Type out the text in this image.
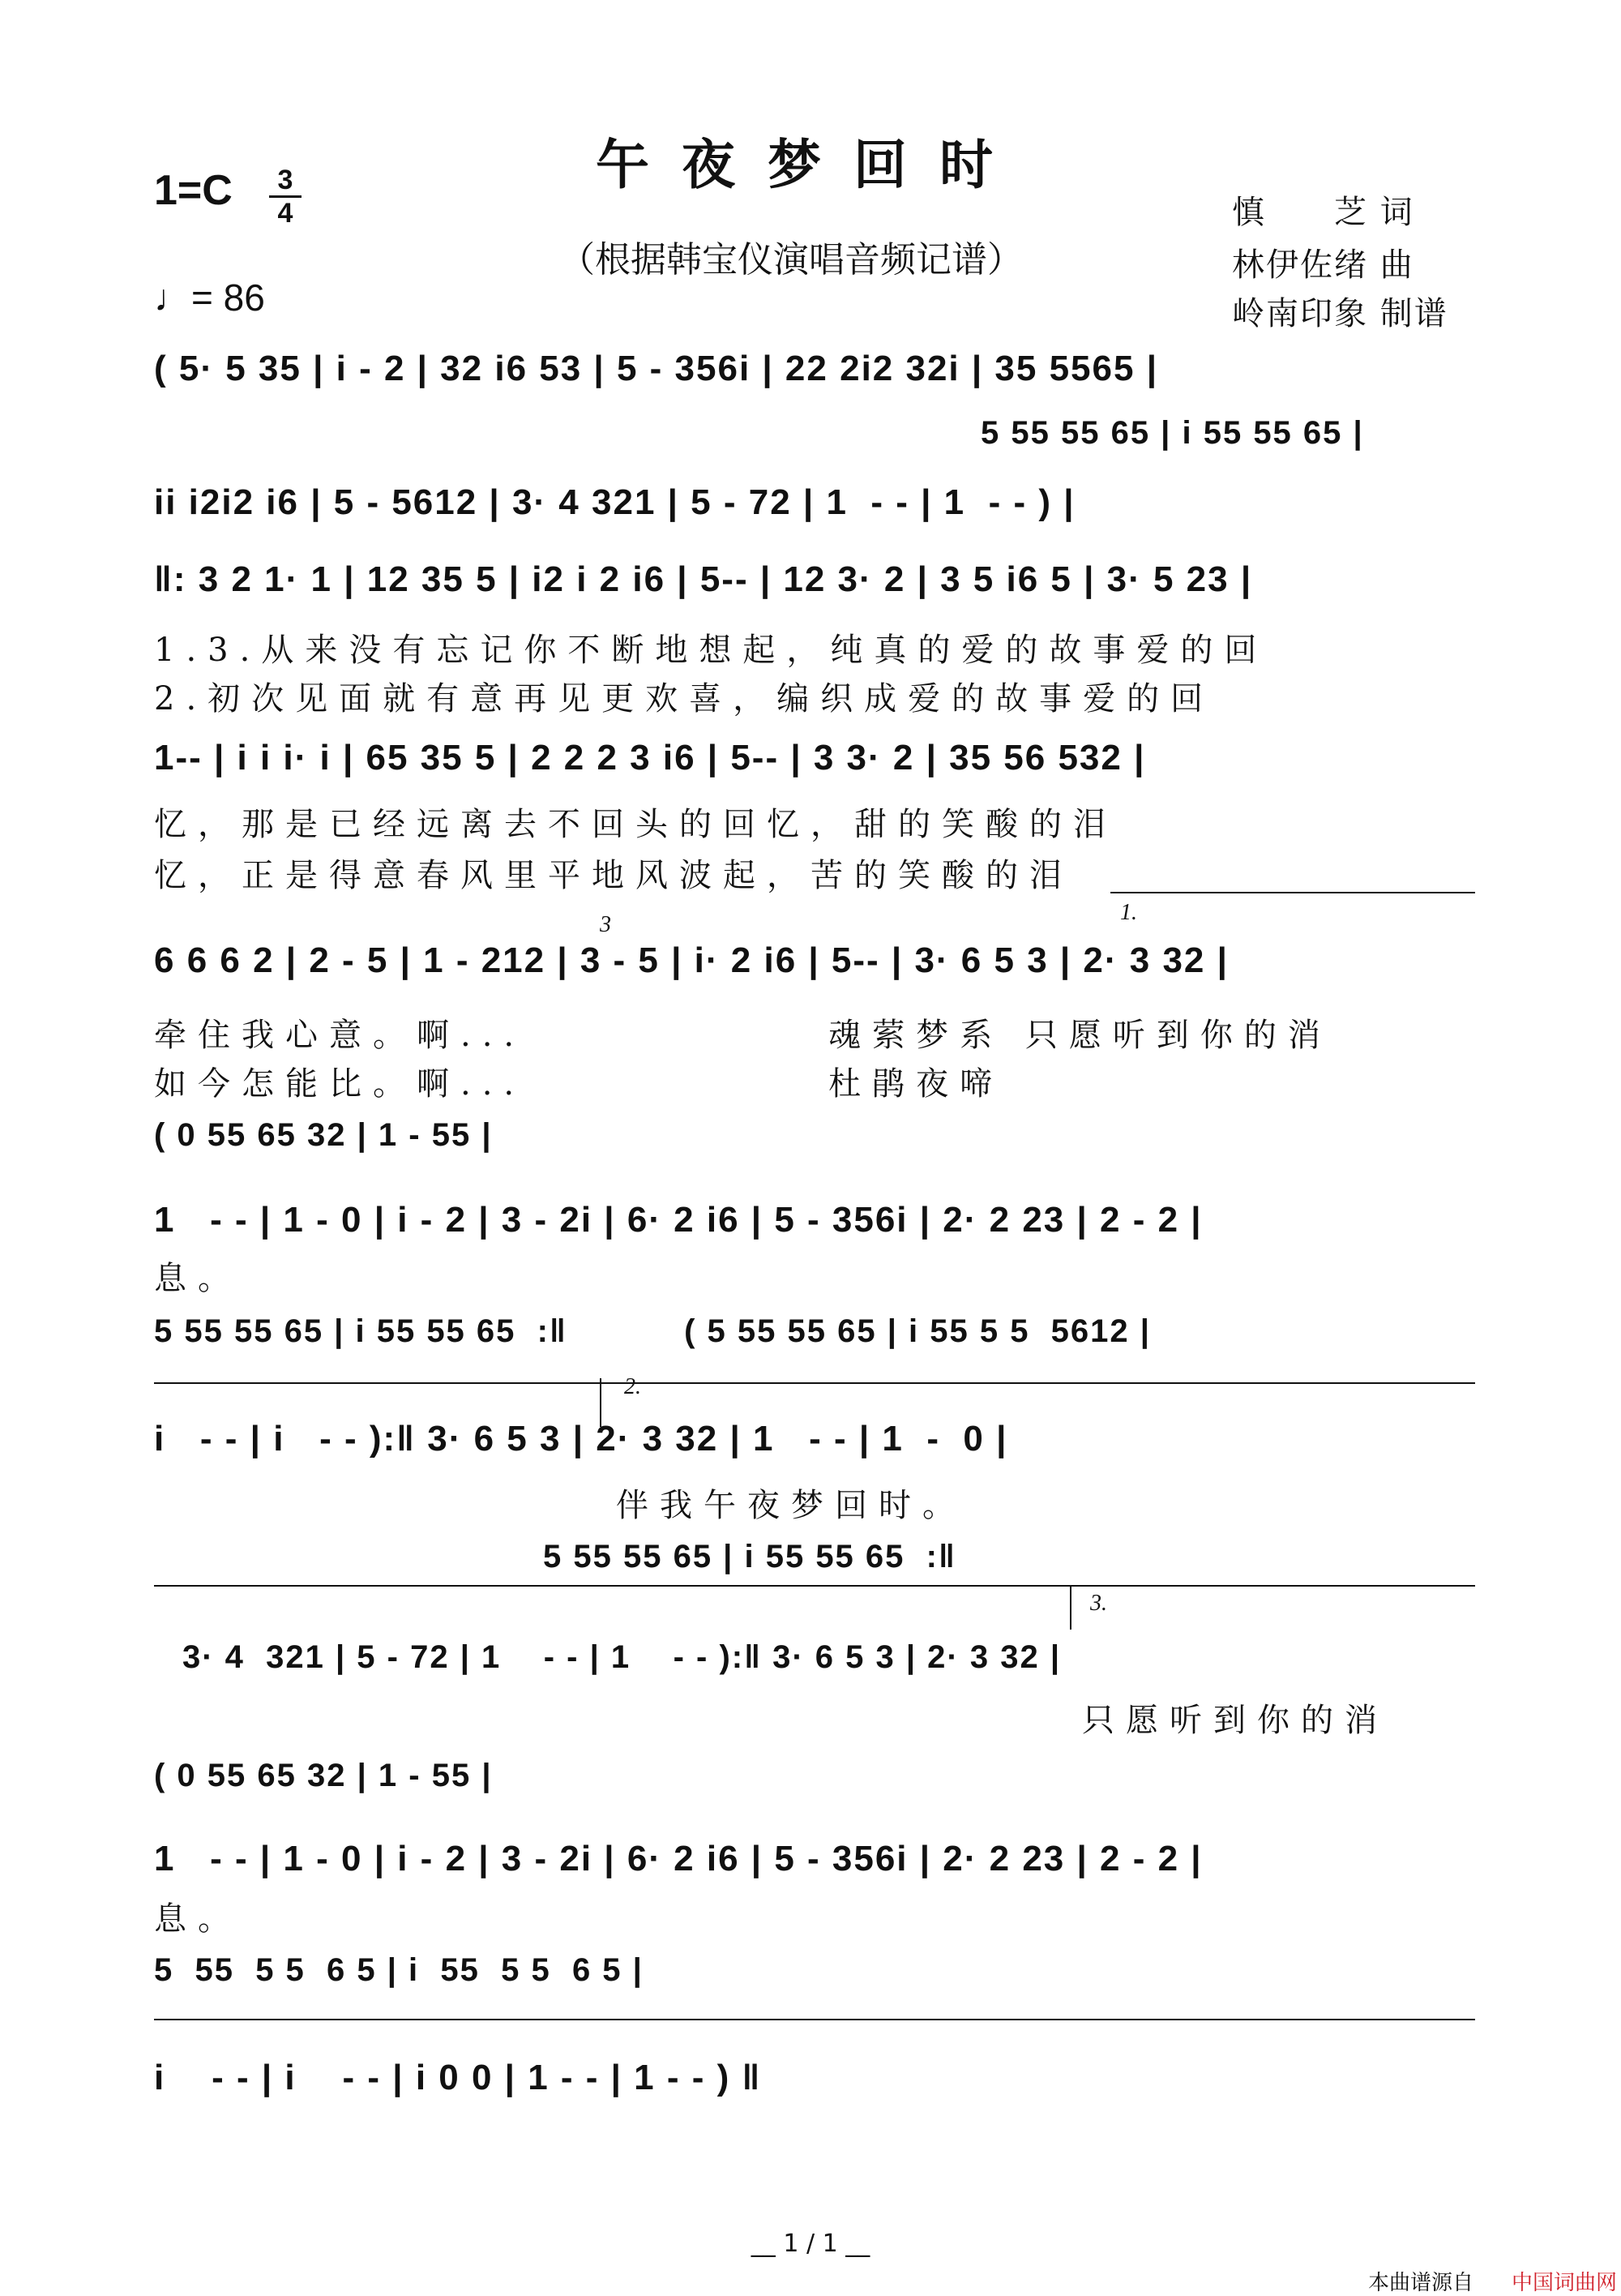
午夜梦回时
（根据韩宝仪演唱音频记谱）
1=C	3
4
♩= 86
慎　　芝 词
林伊佐绪 曲
岭南印象 制谱
( 5· 5 35 | i - 2 | 32 i6 53 | 5 - 356i | 22 2i2 32i | 35 5565 |
5 55 55 65 | i 55 55 65 |
ii i2i2 i6 | 5 - 5612 | 3· 4 321 | 5 - 72 | 1  - - | 1  - - ) |
‖: 3 2 1· 1 | 12 35 5 | i2 i 2 i6 | 5-- | 12 3· 2 | 3 5 i6 5 | 3· 5 23 |
1.3.从来没有忘记你不断地想起，纯真的爱的故事爱的回
2.初次见面就有意再见更欢喜，编织成爱的故事爱的回
1-- | i i i· i | 65 35 5 | 2 2 2 3 i6 | 5-- | 3 3· 2 | 35 56 532 |
忆，那是已经远离去不回头的回忆，甜的笑酸的泪
忆，正是得意春风里平地风波起，苦的笑酸的泪
1.
6 6 6 2 | 2 - 5 | 1 - 212 | 3 - 5 | i· 2 i6 | 5-- | 3· 6 5 3 | 2· 3 32 |
3
牵住我心意。啊...              魂萦梦系 只愿听到你的消
如今怎能比。啊...              杜鹃夜啼
( 0 55 65 32 | 1 - 55 |
1   - - | 1 - 0 | i - 2 | 3 - 2i | 6· 2 i6 | 5 - 356i | 2· 2 23 | 2 - 2 |
息。
5 55 55 65 | i 55 55 65  :‖           ( 5 55 55 65 | i 55 5 5  5612 |
2.
i   - - | i   - - ):‖ 3· 6 5 3 | 2· 3 32 | 1   - - | 1  -  0 |
伴我午夜梦回时。
5 55 55 65 | i 55 55 65  :‖
3.
3· 4  321 | 5 - 72 | 1    - - | 1    - - ):‖ 3· 6 5 3 | 2· 3 32 |
只愿听到你的消
( 0 55 65 32 | 1 - 55 |
1   - - | 1 - 0 | i - 2 | 3 - 2i | 6· 2 i6 | 5 - 356i | 2· 2 23 | 2 - 2 |
息。
5  55  5 5  6 5 | i  55  5 5  6 5 |
i    - - | i    - - | i 0 0 | 1 - - | 1 - - ) ‖
__ 1 / 1 __
本曲谱源自 中国词曲网
